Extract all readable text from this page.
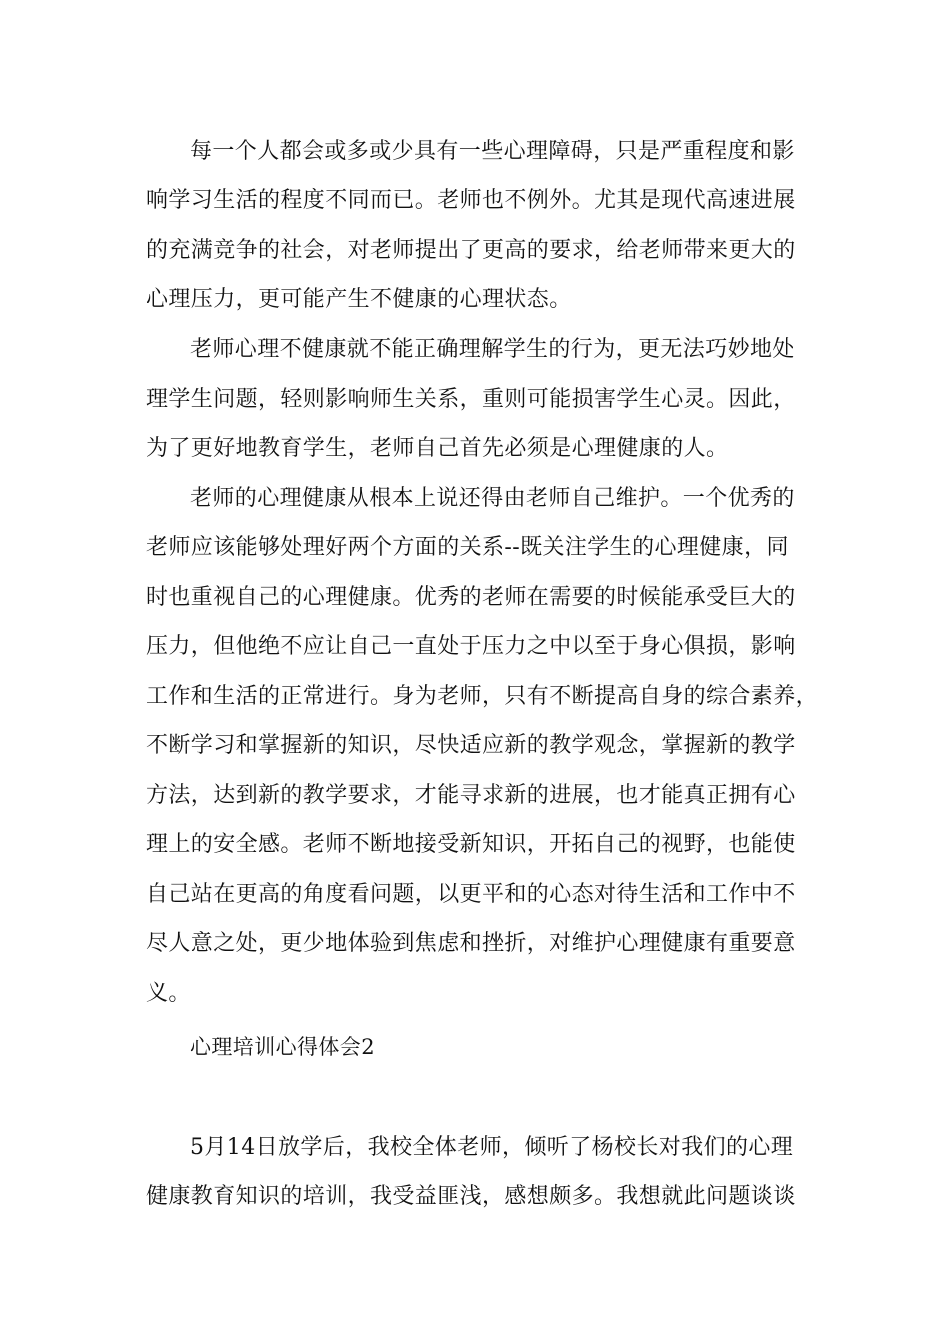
每一个人都会或多或少具有一些心理障碍，只是严重程度和影
响学习生活的程度不同而已。老师也不例外。尤其是现代高速进展
的充满竞争的社会，对老师提出了更高的要求，给老师带来更大的
心理压力，更可能产生不健康的心理状态。
老师心理不健康就不能正确理解学生的行为，更无法巧妙地处
理学生问题，轻则影响师生关系，重则可能损害学生心灵。因此，
为了更好地教育学生，老师自己首先必须是心理健康的人。
老师的心理健康从根本上说还得由老师自己维护。一个优秀的
老师应该能够处理好两个方面的关系--既关注学生的心理健康，同
时也重视自己的心理健康。优秀的老师在需要的时候能承受巨大的
压力，但他绝不应让自己一直处于压力之中以至于身心俱损，影响
工作和生活的正常进行。身为老师，只有不断提高自身的综合素养，
不断学习和掌握新的知识，尽快适应新的教学观念，掌握新的教学
方法，达到新的教学要求，才能寻求新的进展，也才能真正拥有心
理上的安全感。老师不断地接受新知识，开拓自己的视野，也能使
自己站在更高的角度看问题，以更平和的心态对待生活和工作中不
尽人意之处，更少地体验到焦虑和挫折，对维护心理健康有重要意
义。
心理培训心得体会2
5月14日放学后，我校全体老师，倾听了杨校长对我们的心理
健康教育知识的培训，我受益匪浅，感想颇多。我想就此问题谈谈
